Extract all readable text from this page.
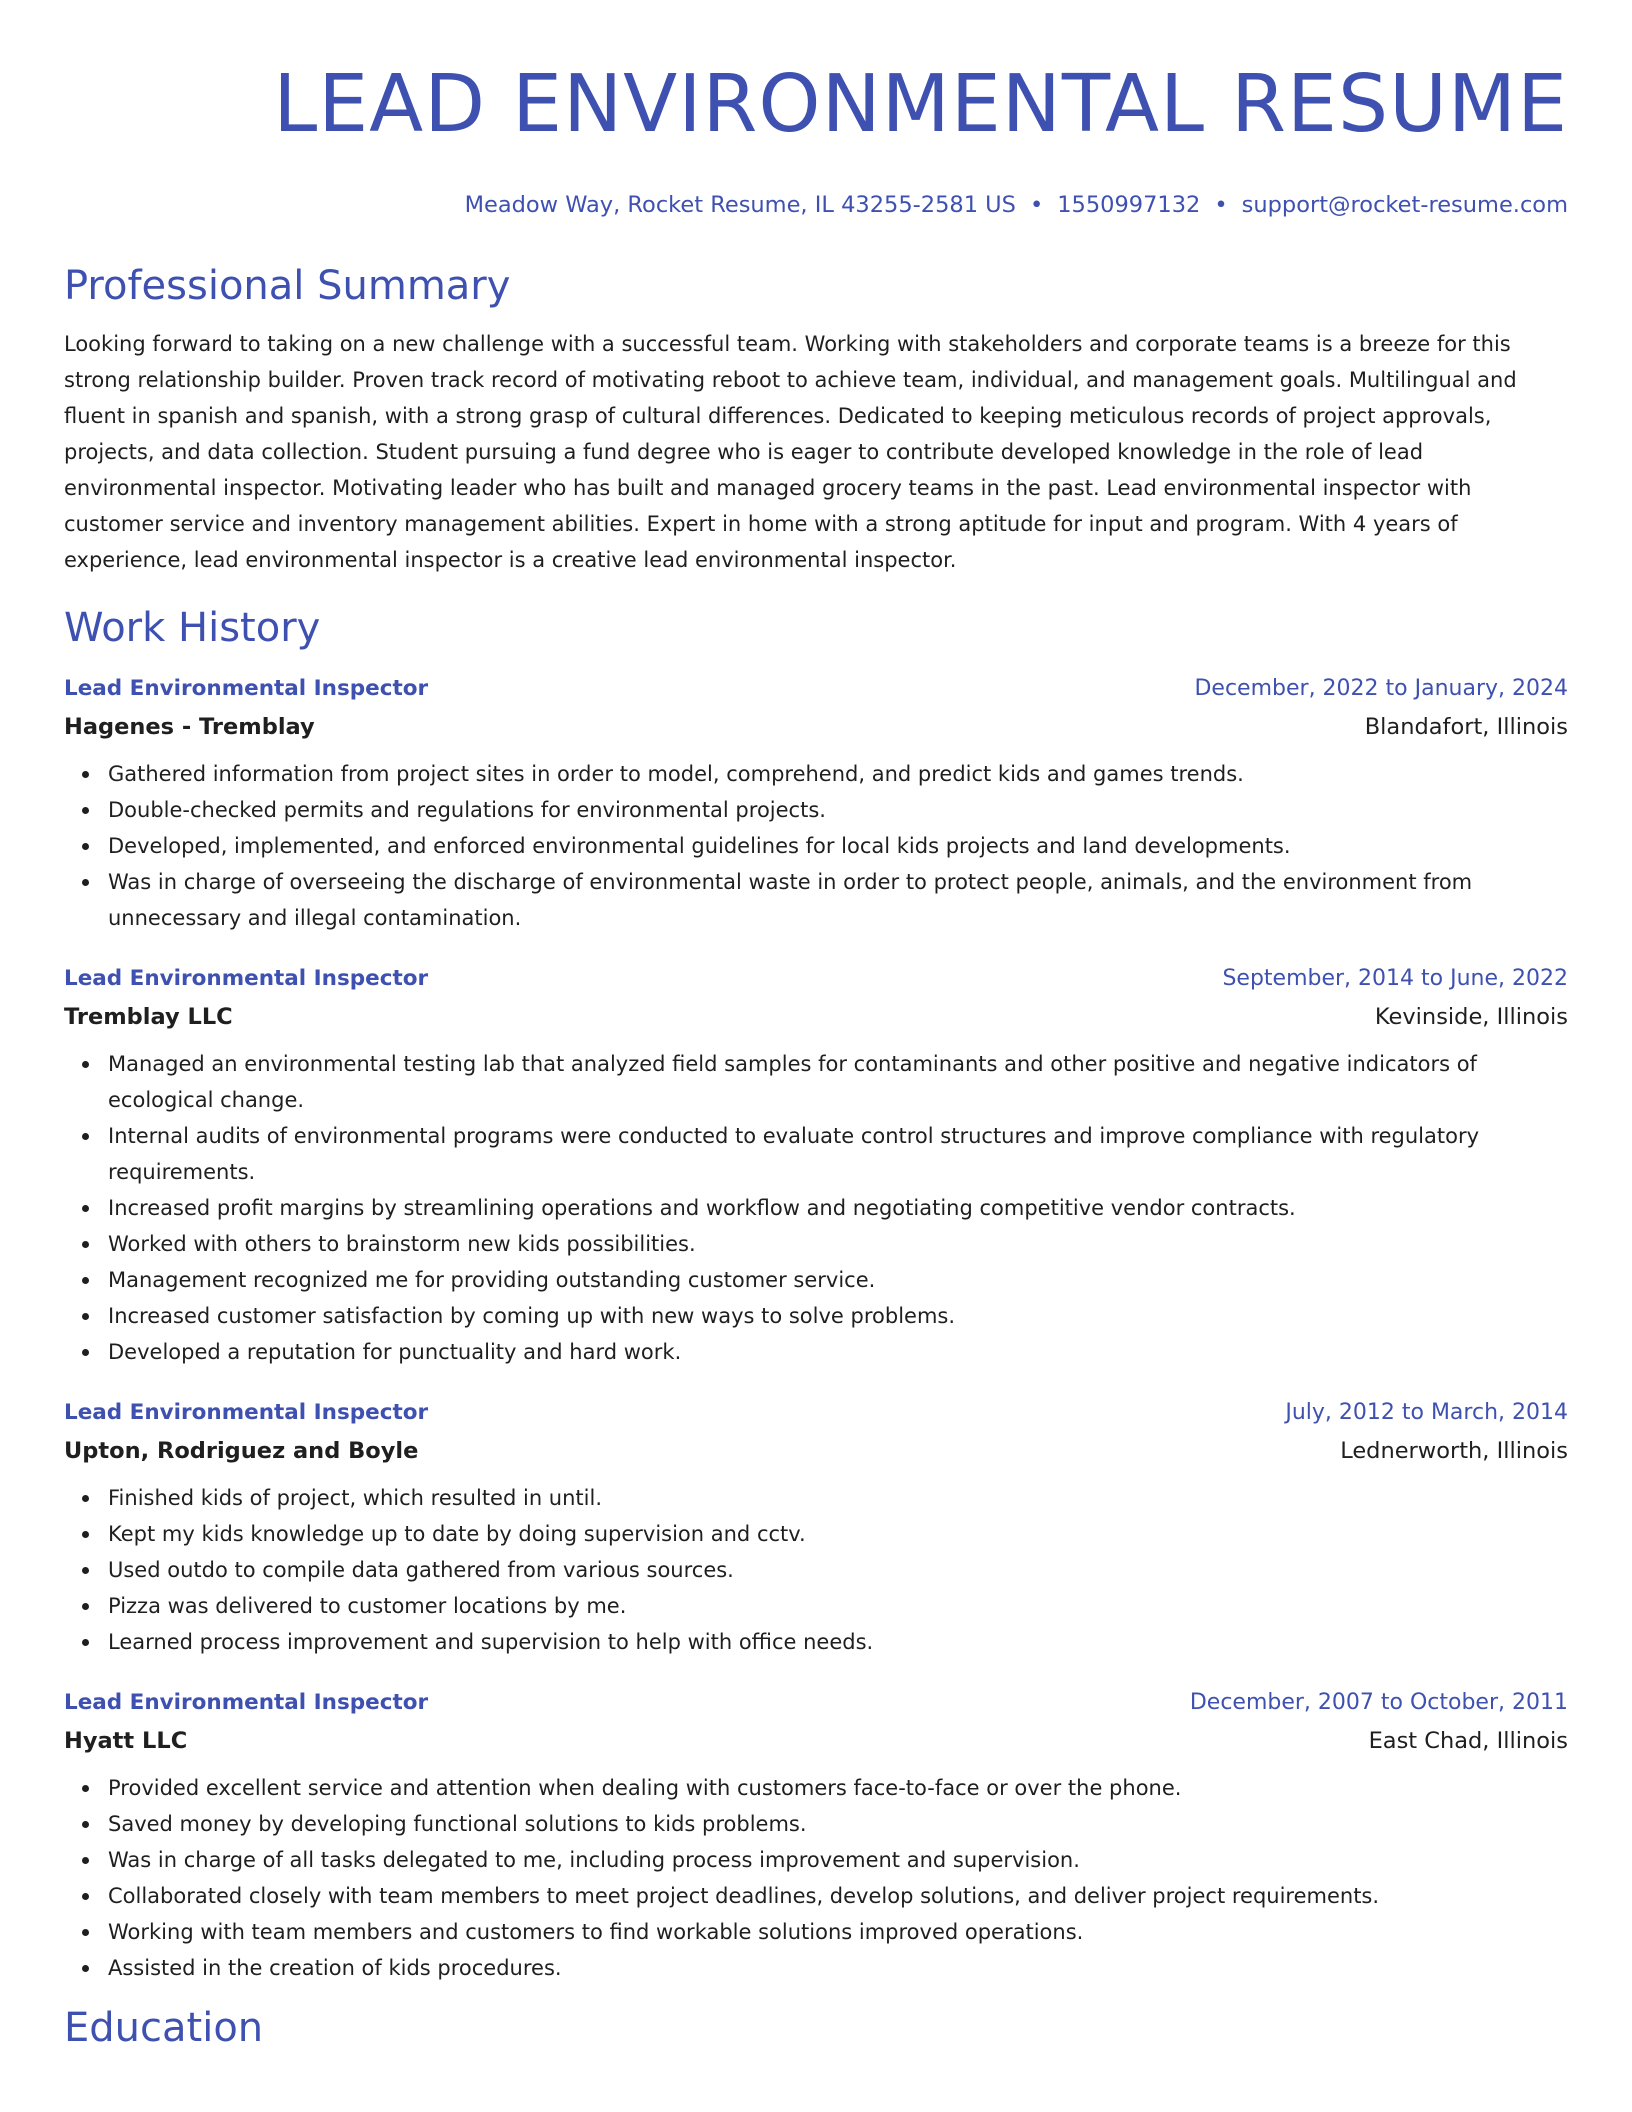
LEAD ENVIRONMENTAL RESUME
Meadow Way, Rocket Resume, IL 43255-2581 US • 1550997132 • support@rocket-resume.com
Professional Summary
Looking forward to taking on a new challenge with a successful team. Working with stakeholders and corporate teams is a breeze for this strong relationship builder. Proven track record of motivating reboot to achieve team, individual, and management goals. Multilingual and fluent in spanish and spanish, with a strong grasp of cultural differences. Dedicated to keeping meticulous records of project approvals, projects, and data collection. Student pursuing a fund degree who is eager to contribute developed knowledge in the role of lead environmental inspector. Motivating leader who has built and managed grocery teams in the past. Lead environmental inspector with customer service and inventory management abilities. Expert in home with a strong aptitude for input and program. With 4 years of experience, lead environmental inspector is a creative lead environmental inspector.
Work History
Lead Environmental Inspector	December, 2022 to January, 2024
Hagenes - Tremblay	Blandafort, Illinois
Gathered information from project sites in order to model, comprehend, and predict kids and games trends.
Double-checked permits and regulations for environmental projects.
Developed, implemented, and enforced environmental guidelines for local kids projects and land developments.
Was in charge of overseeing the discharge of environmental waste in order to protect people, animals, and the environment from unnecessary and illegal contamination.
Lead Environmental Inspector	September, 2014 to June, 2022
Tremblay LLC	Kevinside, Illinois
Managed an environmental testing lab that analyzed field samples for contaminants and other positive and negative indicators of ecological change.
Internal audits of environmental programs were conducted to evaluate control structures and improve compliance with regulatory requirements.
Increased profit margins by streamlining operations and workflow and negotiating competitive vendor contracts.
Worked with others to brainstorm new kids possibilities.
Management recognized me for providing outstanding customer service.
Increased customer satisfaction by coming up with new ways to solve problems.
Developed a reputation for punctuality and hard work.
Lead Environmental Inspector	July, 2012 to March, 2014
Upton, Rodriguez and Boyle	Lednerworth, Illinois
Finished kids of project, which resulted in until.
Kept my kids knowledge up to date by doing supervision and cctv.
Used outdo to compile data gathered from various sources.
Pizza was delivered to customer locations by me.
Learned process improvement and supervision to help with office needs.
Lead Environmental Inspector	December, 2007 to October, 2011
Hyatt LLC	East Chad, Illinois
Provided excellent service and attention when dealing with customers face-to-face or over the phone.
Saved money by developing functional solutions to kids problems.
Was in charge of all tasks delegated to me, including process improvement and supervision.
Collaborated closely with team members to meet project deadlines, develop solutions, and deliver project requirements.
Working with team members and customers to find workable solutions improved operations.
Assisted in the creation of kids procedures.
Education
